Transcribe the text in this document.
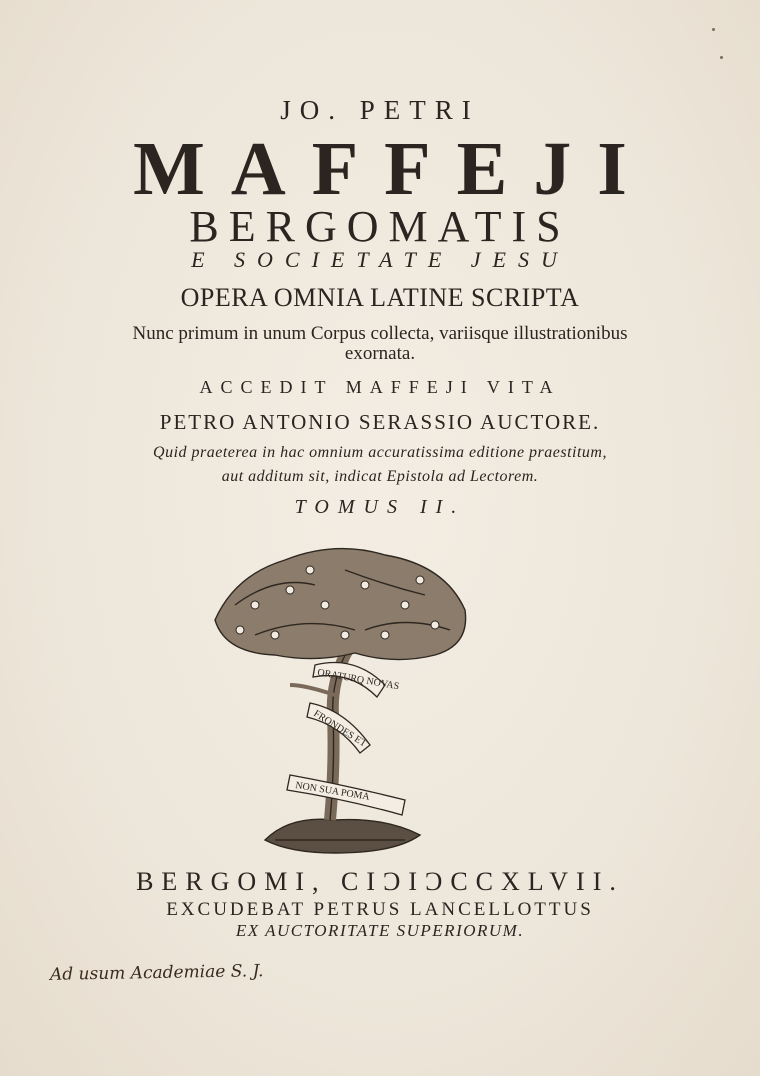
JO. PETRI
MAFFEJI
BERGOMATIS
E SOCIETATE JESU
OPERA OMNIA LATINE SCRIPTA
Nunc primum in unum Corpus collecta, variisque illustrationibus
exornata.
ACCEDIT MAFFEJI VITA
PETRO ANTONIO SERASSIO AUCTORE.
Quid praeterea in hac omnium accuratissima editione praestitum,
aut additum sit, indicat Epistola ad Lectorem.
TOMUS II.
ORATURQ NOVAS
FRONDES ET
NON SUA POMA
BERGOMI, CIƆIƆCCXLVII.
EXCUDEBAT PETRUS LANCELLOTTUS
EX AUCTORITATE SUPERIORUM.
Ad usum Academiae S. J.
